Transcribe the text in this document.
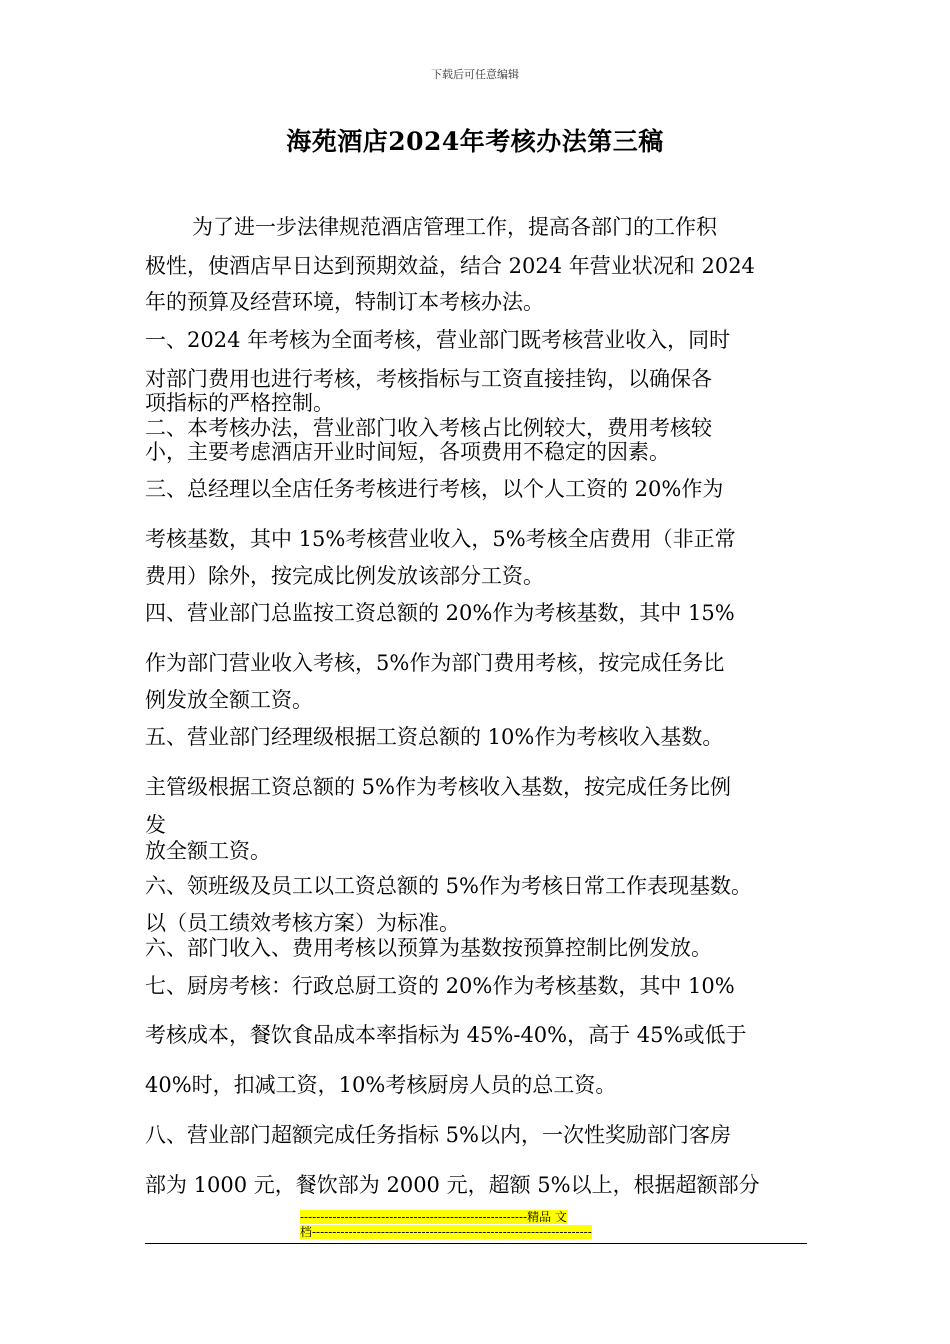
下载后可任意编辑
海苑酒店2024年考核办法第三稿
为了进一步法律规范酒店管理工作，提高各部门的工作积
极性，使酒店早日达到预期效益，结合 2024 年营业状况和 2024
年的预算及经营环境，特制订本考核办法。
一、2024 年考核为全面考核，营业部门既考核营业收入，同时
对部门费用也进行考核，考核指标与工资直接挂钩，以确保各
项指标的严格控制。
二、本考核办法，营业部门收入考核占比例较大，费用考核较
小，主要考虑酒店开业时间短，各项费用不稳定的因素。
三、总经理以全店任务考核进行考核，以个人工资的 20%作为
考核基数，其中 15%考核营业收入，5%考核全店费用（非正常
费用）除外，按完成比例发放该部分工资。
四、营业部门总监按工资总额的 20%作为考核基数，其中 15%
作为部门营业收入考核，5%作为部门费用考核，按完成任务比
例发放全额工资。
五、营业部门经理级根据工资总额的 10%作为考核收入基数。
主管级根据工资总额的 5%作为考核收入基数，按完成任务比例
发
放全额工资。
六、领班级及员工以工资总额的 5%作为考核日常工作表现基数。
以（员工绩效考核方案）为标准。
六、部门收入、费用考核以预算为基数按预算控制比例发放。
七、厨房考核：行政总厨工资的 20%作为考核基数，其中 10%
考核成本，餐饮食品成本率指标为 45%-40%，高于 45%或低于
40%时，扣减工资，10%考核厨房人员的总工资。
八、营业部门超额完成任务指标 5%以内，一次性奖励部门客房
部为 1000 元，餐饮部为 2000 元，超额 5%以上，根据超额部分
--------------------------------------------------------精品 文
档---------------------------------------------------------------------
